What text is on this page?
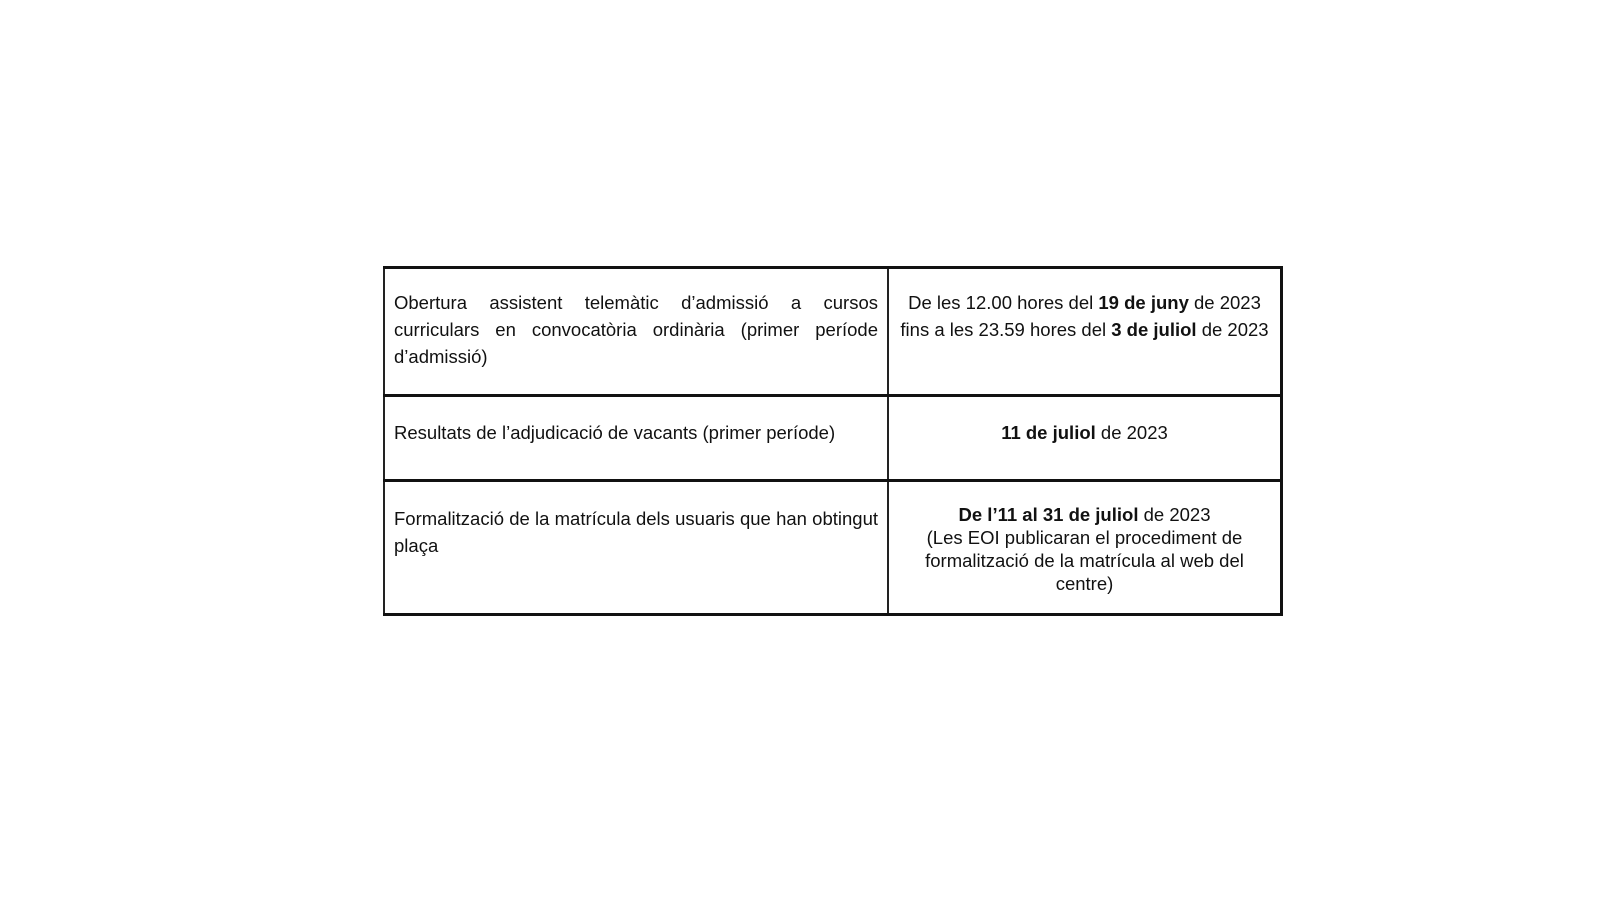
Obertura assistent telemàtic d’admissió a cursos curriculars en convocatòria ordinària (primer període d’admissió)	De les 12.00 hores del 19 de juny de 2023 fins a les 23.59 hores del 3 de juliol de 2023
Resultats de l’adjudicació de vacants (primer període)	11 de juliol de 2023
Formalització de la matrícula dels usuaris que han obtingut plaça	De l’11 al 31 de juliol de 2023
(Les EOI publicaran el procediment de formalització de la matrícula al web del centre)
